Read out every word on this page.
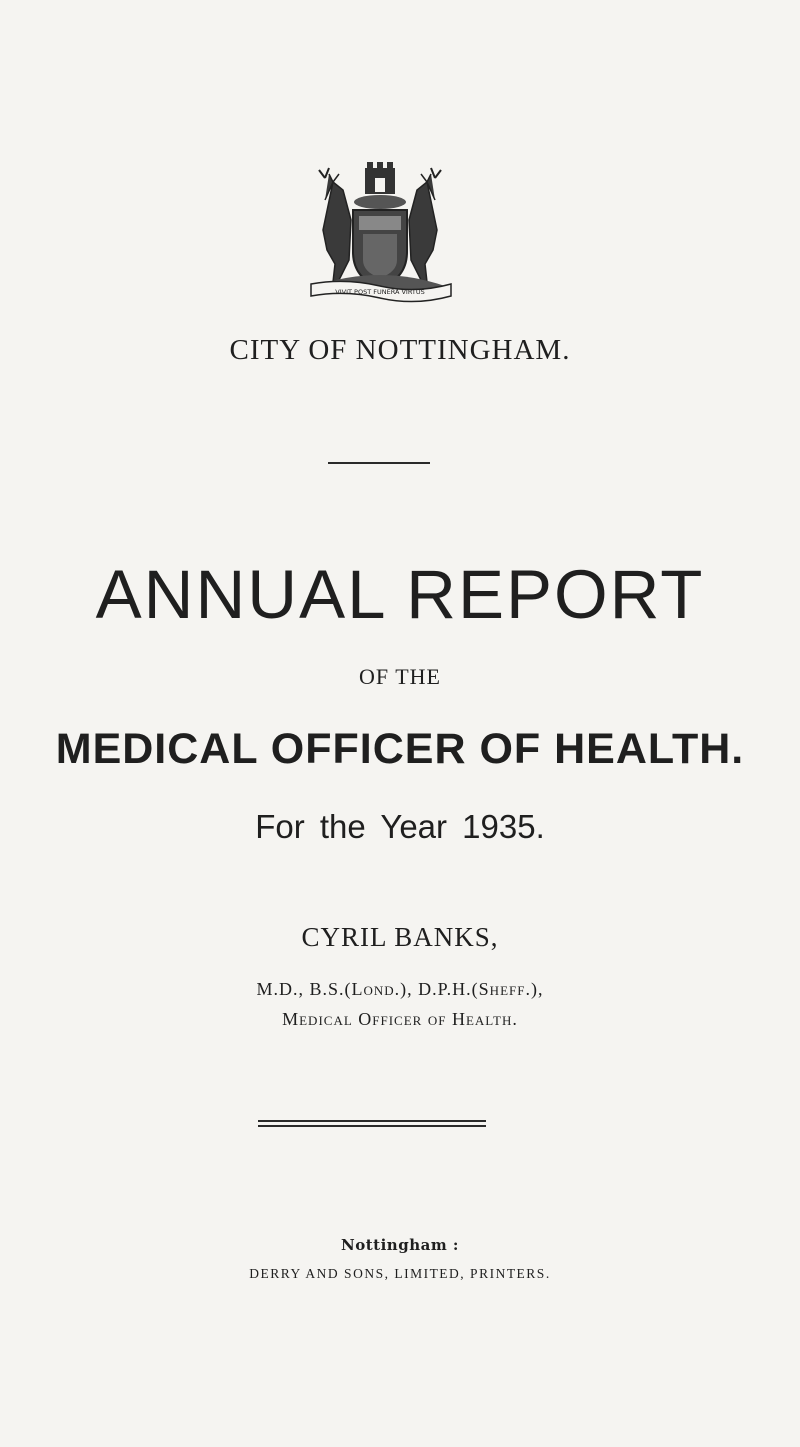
VIVIT POST FUNERA VIRTUS
CITY OF NOTTINGHAM.
ANNUAL REPORT
OF THE
MEDICAL OFFICER OF HEALTH.
For the Year 1935.
CYRIL BANKS,
M.D., B.S.(Lond.), D.P.H.(Sheff.),
Medical Officer of Health.
Nottingham :
DERRY AND SONS, LIMITED, PRINTERS.
